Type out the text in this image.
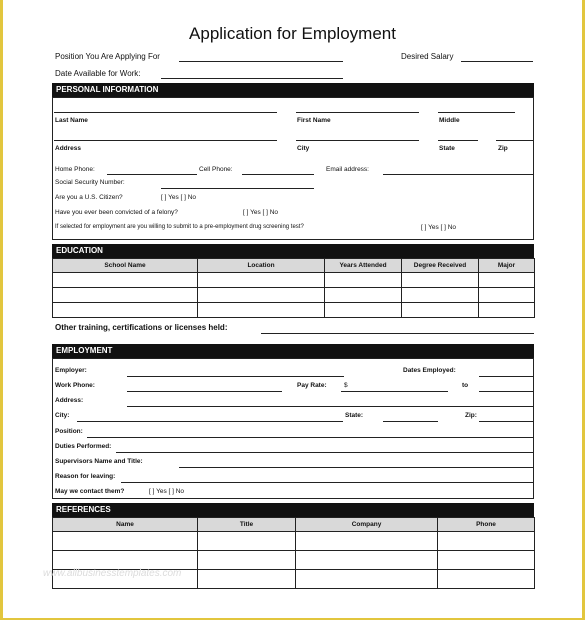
Application for Employment
Position You Are Applying For	Desired Salary
Date Available for Work:
PERSONAL INFORMATION
Last Name	First Name	Middle
Address	City	State	Zip
Home Phone:	Cell Phone:	Email address:
Social Security Number:
Are you a U.S. Citizen?	[ ] Yes [ ] No
Have you ever been convicted of a felony?	[ ] Yes [ ] No
If selected for employment are you willing to submit to a pre-employment drug screening test?	[ ] Yes [ ] No
EDUCATION
School Name	Location	Years Attended	Degree Received	Major

Other training, certifications or licenses held:
EMPLOYMENT
Employer:	Dates Employed:
Work Phone:	Pay Rate:	$	to
Address:
City:	State:	Zip:
Position:
Duties Performed:
Supervisors Name and Title:
Reason for leaving:
May we contact them?	[ ] Yes [ ] No
REFERENCES
Name	Title	Company	Phone

www.allbusinesstemplates.com
